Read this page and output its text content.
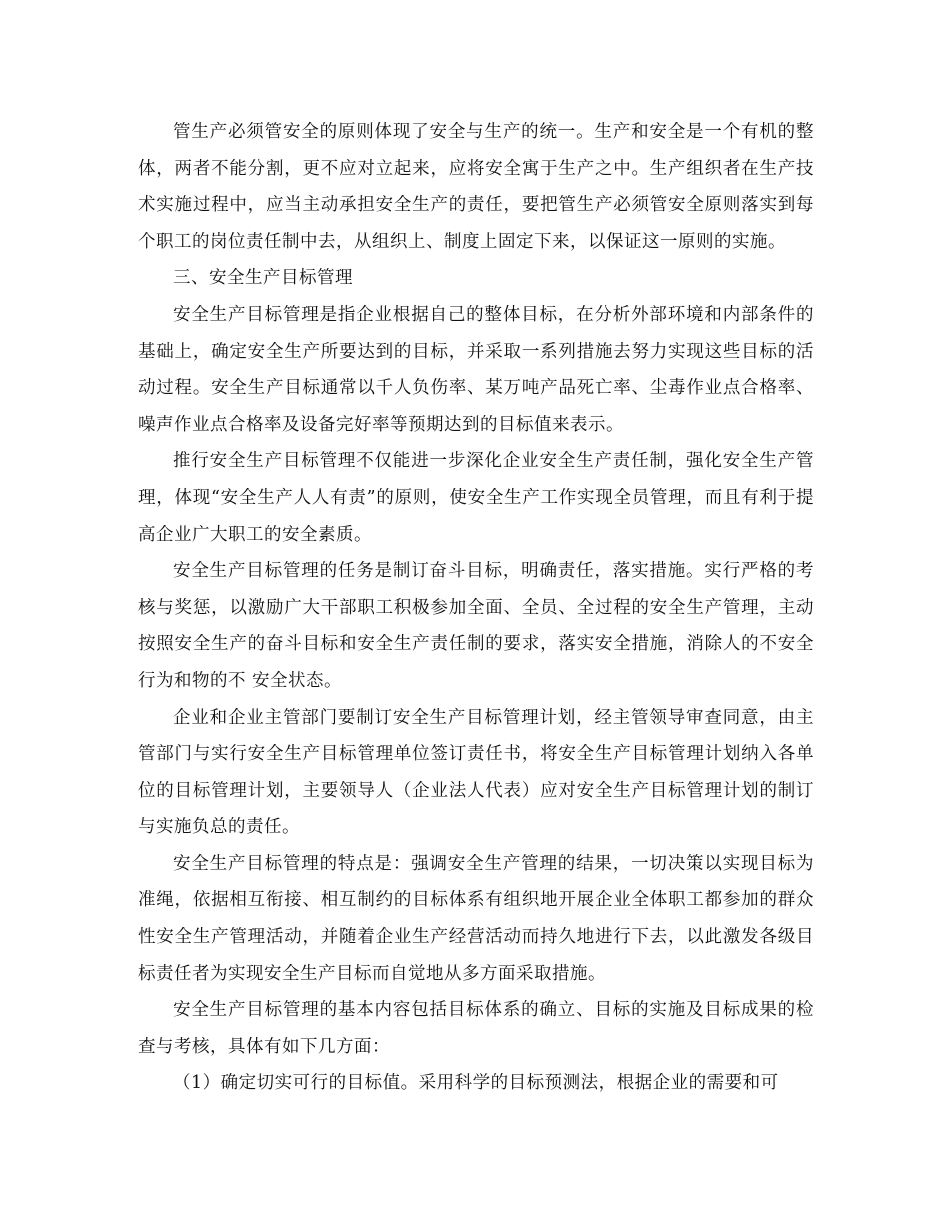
管生产必须管安全的原则体现了安全与生产的统一。生产和安全是一个有机的整体，两者不能分割，更不应对立起来，应将安全寓于生产之中。生产组织者在生产技术实施过程中，应当主动承担安全生产的责任，要把管生产必须管安全原则落实到每个职工的岗位责任制中去，从组织上、制度上固定下来，以保证这一原则的实施。

三、安全生产目标管理

安全生产目标管理是指企业根据自己的整体目标，在分析外部环境和内部条件的基础上，确定安全生产所要达到的目标，并采取一系列措施去努力实现这些目标的活动过程。安全生产目标通常以千人负伤率、某万吨产品死亡率、尘毒作业点合格率、噪声作业点合格率及设备完好率等预期达到的目标值来表示。

推行安全生产目标管理不仅能进一步深化企业安全生产责任制，强化安全生产管理，体现“安全生产人人有责”的原则，使安全生产工作实现全员管理，而且有利于提高企业广大职工的安全素质。

安全生产目标管理的任务是制订奋斗目标，明确责任，落实措施。实行严格的考核与奖惩，以激励广大干部职工积极参加全面、全员、全过程的安全生产管理，主动按照安全生产的奋斗目标和安全生产责任制的要求，落实安全措施，消除人的不安全行为和物的不 安全状态。

企业和企业主管部门要制订安全生产目标管理计划，经主管领导审查同意，由主管部门与实行安全生产目标管理单位签订责任书，将安全生产目标管理计划纳入各单位的目标管理计划，主要领导人（企业法人代表）应对安全生产目标管理计划的制订与实施负总的责任。

安全生产目标管理的特点是：强调安全生产管理的结果，一切决策以实现目标为准绳，依据相互衔接、相互制约的目标体系有组织地开展企业全体职工都参加的群众性安全生产管理活动，并随着企业生产经营活动而持久地进行下去，以此激发各级目标责任者为实现安全生产目标而自觉地从多方面采取措施。

安全生产目标管理的基本内容包括目标体系的确立、目标的实施及目标成果的检查与考核，具体有如下几方面：

（1）确定切实可行的目标值。采用科学的目标预测法，根据企业的需要和可
